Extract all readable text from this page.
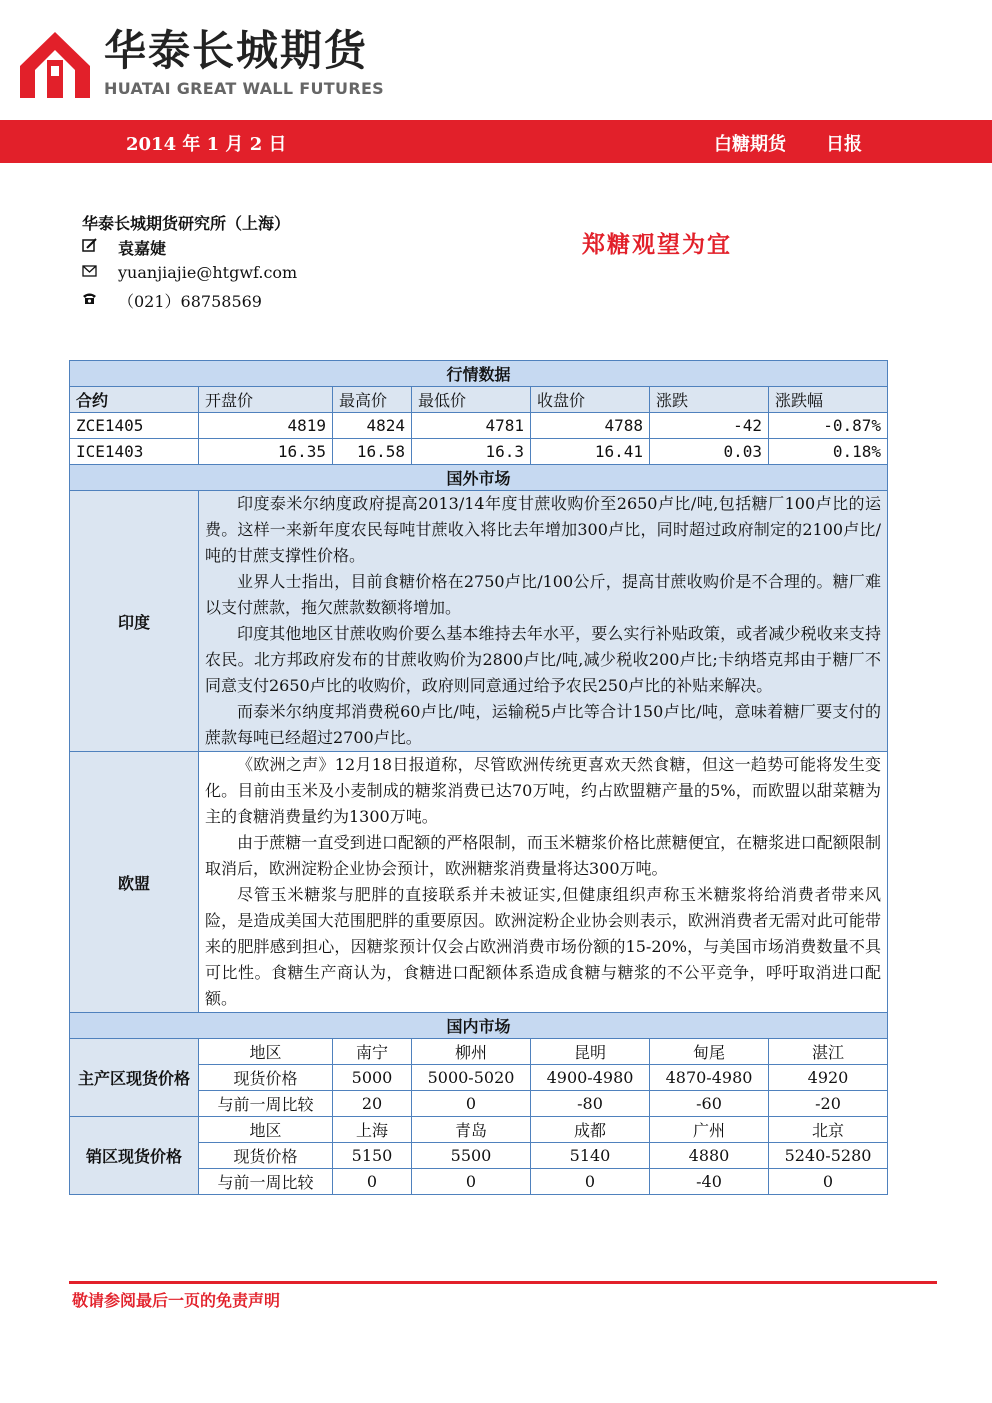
华泰长城期货
HUATAI GREAT WALL FUTURES
2014 年 1 月 2 日	白糖期货 日报
华泰长城期货研究所（上海）
袁嘉婕
yuanjiajie@htgwf.com
（021）68758569
郑糖观望为宜
行情数据						
合约	开盘价	最高价	最低价	收盘价	涨跌	涨跌幅
ZCE1405	4819	4824	4781	4788	-42	-0.87%
ICE1403	16.35	16.58	16.3	16.41	0.03	0.18%
国外市场						
印度	印度泰米尔纳度政府提高2013/14年度甘蔗收购价至2650卢比/吨,包括糖厂100卢比的运费。这样一来新年度农民每吨甘蔗收入将比去年增加300卢比，同时超过政府制定的2100卢比/吨的甘蔗支撑性价格。

业界人士指出，目前食糖价格在2750卢比/100公斤，提高甘蔗收购价是不合理的。糖厂难以支付蔗款，拖欠蔗款数额将增加。

印度其他地区甘蔗收购价要么基本维持去年水平，要么实行补贴政策，或者减少税收来支持农民。北方邦政府发布的甘蔗收购价为2800卢比/吨,减少税收200卢比;卡纳塔克邦由于糖厂不同意支付2650卢比的收购价，政府则同意通过给予农民250卢比的补贴来解决。

而泰米尔纳度邦消费税60卢比/吨，运输税5卢比等合计150卢比/吨，意味着糖厂要支付的蔗款每吨已经超过2700卢比。					

欧盟	《欧洲之声》12月18日报道称，尽管欧洲传统更喜欢天然食糖，但这一趋势可能将发生变化。目前由玉米及小麦制成的糖浆消费已达70万吨，约占欧盟糖产量的5%，而欧盟以甜菜糖为主的食糖消费量约为1300万吨。

由于蔗糖一直受到进口配额的严格限制，而玉米糖浆价格比蔗糖便宜，在糖浆进口配额限制取消后，欧洲淀粉企业协会预计，欧洲糖浆消费量将达300万吨。

尽管玉米糖浆与肥胖的直接联系并未被证实,但健康组织声称玉米糖浆将给消费者带来风险，是造成美国大范围肥胖的重要原因。欧洲淀粉企业协会则表示，欧洲消费者无需对此可能带来的肥胖感到担心，因糖浆预计仅会占欧洲消费市场份额的15-20%，与美国市场消费数量不具可比性。食糖生产商认为，食糖进口配额体系造成食糖与糖浆的不公平竞争，呼吁取消进口配额。					

国内市场						
主产区现货价格	地区	南宁	柳州	昆明	甸尾	湛江
	现货价格	5000	5000-5020	4900-4980	4870-4980	4920
	与前一周比较	20	0	-80	-60	-20
销区现货价格	地区	上海	青岛	成都	广州	北京
	现货价格	5150	5500	5140	4880	5240-5280
	与前一周比较	0	0	0	-40	0
敬请参阅最后一页的免责声明
